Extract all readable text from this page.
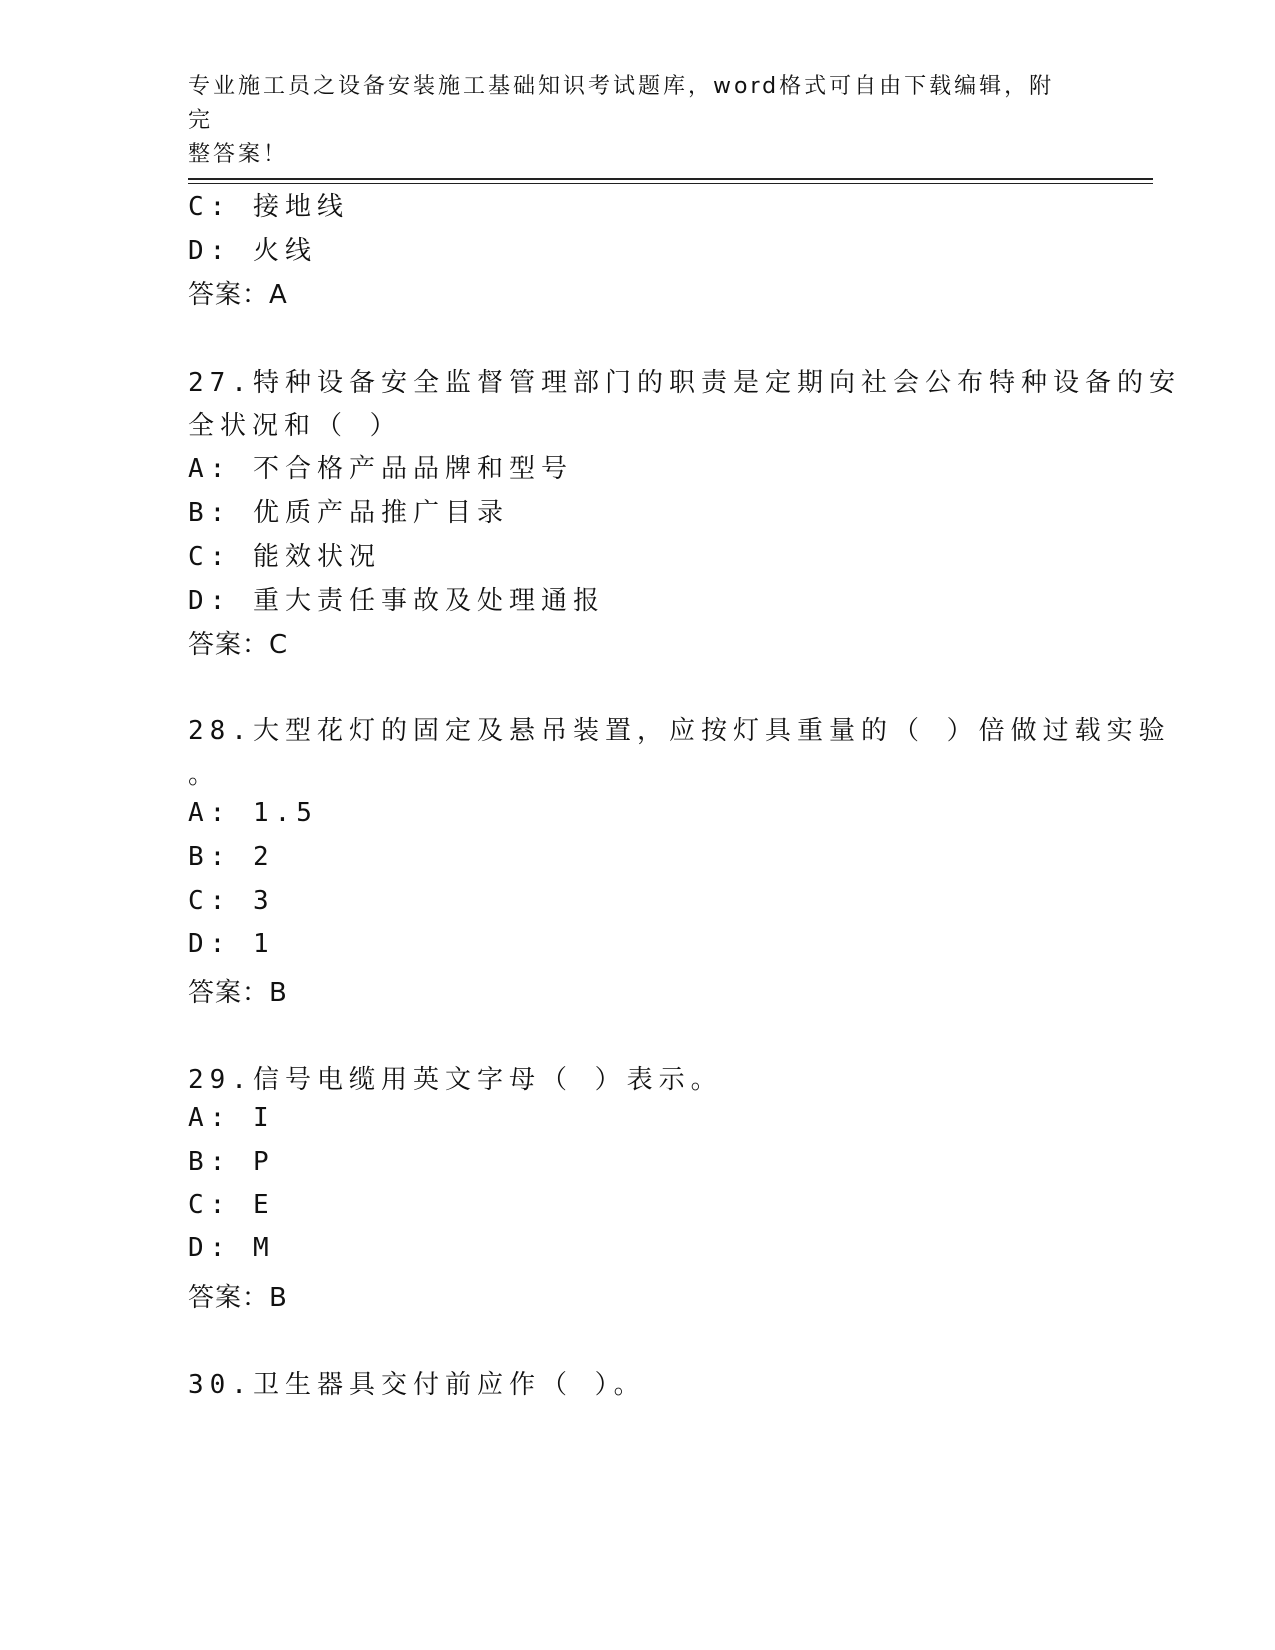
专业施工员之设备安装施工基础知识考试题库，word格式可自由下载编辑，附完
整答案！
C: 接地线
D: 火线
答案：A
27.特种设备安全监督管理部门的职责是定期向社会公布特种设备的安
全状况和（ ）
A: 不合格产品品牌和型号
B: 优质产品推广目录
C: 能效状况
D: 重大责任事故及处理通报
答案：C
28.大型花灯的固定及悬吊装置，应按灯具重量的（ ）倍做过载实验
。
A: 1.5
B: 2
C: 3
D: 1
答案：B
29.信号电缆用英文字母（ ）表示。
A: I
B: P
C: E
D: M
答案：B
30.卫生器具交付前应作（ ）。
